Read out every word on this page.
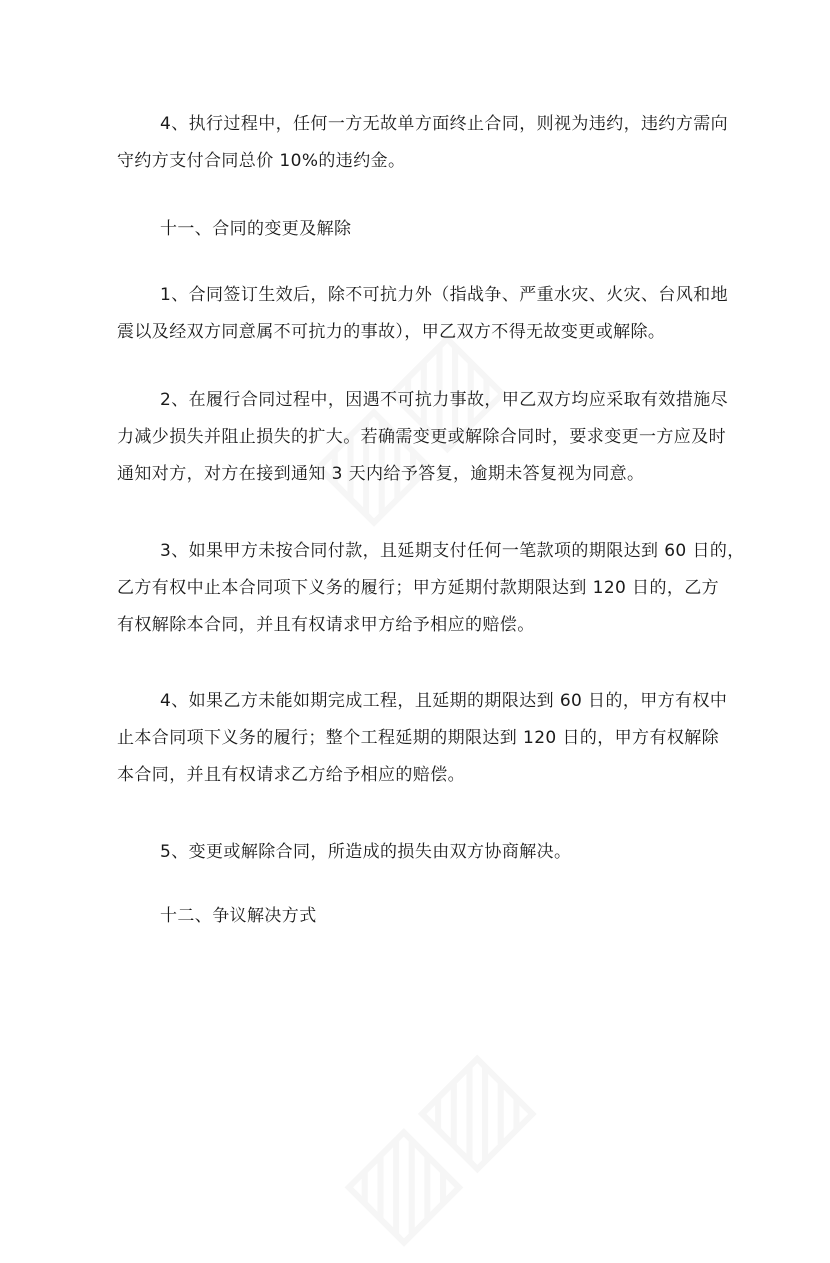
4、执行过程中，任何一方无故单方面终止合同，则视为违约，违约方需向
守约方支付合同总价 10%的违约金。

十一、合同的变更及解除

1、合同签订生效后，除不可抗力外（指战争、严重水灾、火灾、台风和地
震以及经双方同意属不可抗力的事故），甲乙双方不得无故变更或解除。

2、在履行合同过程中，因遇不可抗力事故，甲乙双方均应采取有效措施尽
力减少损失并阻止损失的扩大。若确需变更或解除合同时，要求变更一方应及时
通知对方，对方在接到通知 3 天内给予答复，逾期未答复视为同意。

3、如果甲方未按合同付款，且延期支付任何一笔款项的期限达到 60 日的，
乙方有权中止本合同项下义务的履行；甲方延期付款期限达到 120 日的，乙方
有权解除本合同，并且有权请求甲方给予相应的赔偿。

4、如果乙方未能如期完成工程，且延期的期限达到 60 日的，甲方有权中
止本合同项下义务的履行；整个工程延期的期限达到 120 日的，甲方有权解除
本合同，并且有权请求乙方给予相应的赔偿。

5、变更或解除合同，所造成的损失由双方协商解决。

十二、争议解决方式
